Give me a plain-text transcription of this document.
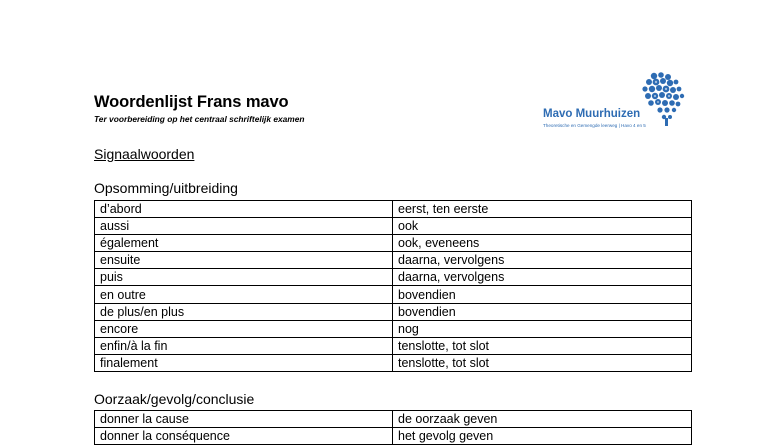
Woordenlijst Frans mavo
Ter voorbereiding op het centraal schriftelijk examen	Mavo Muurhuizen
Theoretische en Gemengde leerweg | Havo 4 en 5
Signaalwoorden
Opsomming/uitbreiding
d’abord	eerst, ten eerste
aussi	ook
également	ook, eveneens
ensuite	daarna, vervolgens
puis	daarna, vervolgens
en outre	bovendien
de plus/en plus	bovendien
encore	nog
enfin/à la fin	tenslotte, tot slot
finalement	tenslotte, tot slot
Oorzaak/gevolg/conclusie
donner la cause	de oorzaak geven
donner la conséquence	het gevolg geven
